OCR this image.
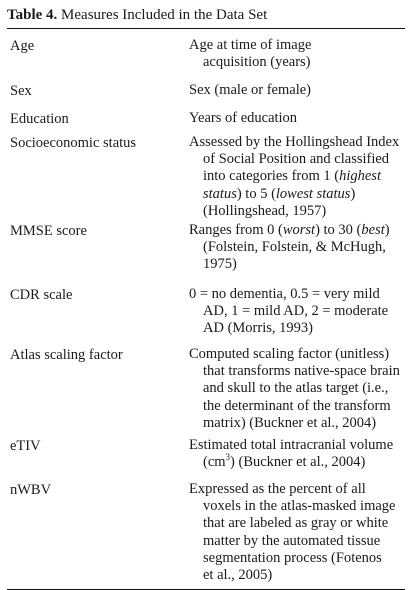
Table 4. Measures Included in the Data Set
Age	Age at time of image
acquisition (years)
Sex	Sex (male or female)
Education	Years of education
Socioeconomic status	Assessed by the Hollingshead Index
of Social Position and classified
into categories from 1 (highest
status) to 5 (lowest status)
(Hollingshead, 1957)
MMSE score	Ranges from 0 (worst) to 30 (best)
(Folstein, Folstein, & McHugh,
1975)
CDR scale	0 = no dementia, 0.5 = very mild
AD, 1 = mild AD, 2 = moderate
AD (Morris, 1993)
Atlas scaling factor	Computed scaling factor (unitless)
that transforms native-space brain
and skull to the atlas target (i.e.,
the determinant of the transform
matrix) (Buckner et al., 2004)
eTIV	Estimated total intracranial volume
$(cm^3)$ (Buckner et al., 2004)
nWBV	Expressed as the percent of all
voxels in the atlas-masked image
that are labeled as gray or white
matter by the automated tissue
segmentation process (Fotenos
et al., 2005)
